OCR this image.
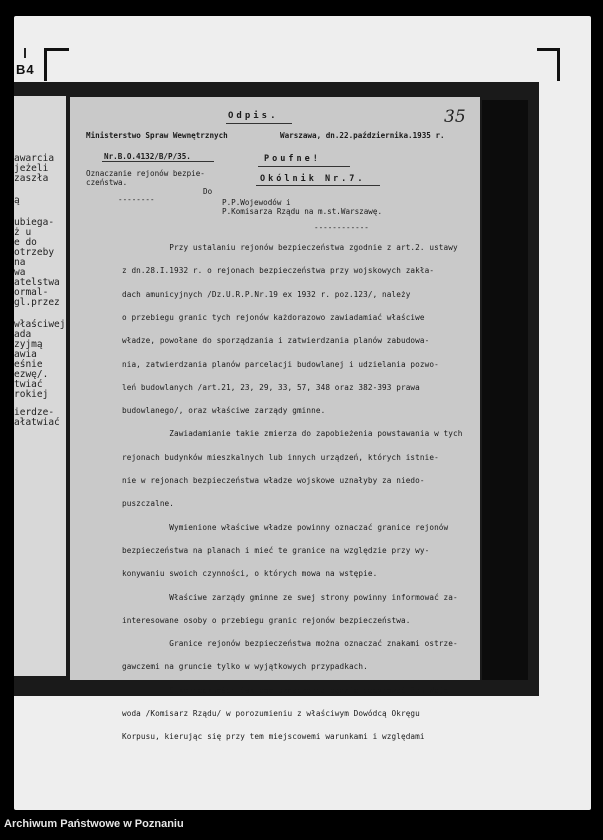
B4
awarcia
jeżeli
zaszła
ą
ubiega-
ż u
e do
otrzeby
na
wa
atelstwa
ormal-
gl.przez
właściwej
ada
zyjmą
awia
eśnie
ezwę/.
twiać
rokiej
ierdze-
ałatwiać
Odpis.	35
Ministerstwo Spraw Wewnętrznych	Warszawa, dn.22.października.1935 r.
Nr.B.O.4132/B/P/35.	Poufne!
Oznaczanie rejonów bezpie-
czeństwa.	Okólnik Nr.7.
Do
--------	P.P.Wojewodów i
P.Komisarza Rządu na m.st.Warszawę.
------------
Przy ustalaniu rejonów bezpieczeństwa zgodnie z art.2. ustawy
z dn.28.I.1932 r. o rejonach bezpieczeństwa przy wojskowych zakła-
dach amunicyjnych /Dz.U.R.P.Nr.19 ex 1932 r. poz.123/, należy
o przebiegu granic tych rejonów każdorazowo zawiadamiać właściwe
władze, powołane do sporządzania i zatwierdzania planów zabudowa-
nia, zatwierdzania planów parcelacji budowlanej i udzielania pozwo-
leń budowlanych /art.21, 23, 29, 33, 57, 348 oraz 382-393 prawa
budowlanego/, oraz właściwe zarządy gminne.
Zawiadamianie takie zmierza do zapobieżenia powstawania w tych
rejonach budynków mieszkalnych lub innych urządzeń, których istnie-
nie w rejonach bezpieczeństwa władze wojskowe uznałyby za niedo-
puszczalne.
Wymienione właściwe władze powinny oznaczać granice rejonów
bezpieczeństwa na planach i mieć te granice na względzie przy wy-
konywaniu swoich czynności, o których mowa na wstępie.
Właściwe zarządy gminne ze swej strony powinny informować za-
interesowane osoby o przebiegu granic rejonów bezpieczeństwa.
Granice rejonów bezpieczeństwa można oznaczać znakami ostrze-
gawczemi na gruncie tylko w wyjątkowych przypadkach.
O konieczności takiego oznaczenia będzie decydować Pan Woje-
woda /Komisarz Rządu/ w porozumieniu z właściwym Dowódcą Okręgu
Korpusu, kierując się przy tem miejscowemi warunkami i względami
Archiwum Państwowe w Poznaniu
